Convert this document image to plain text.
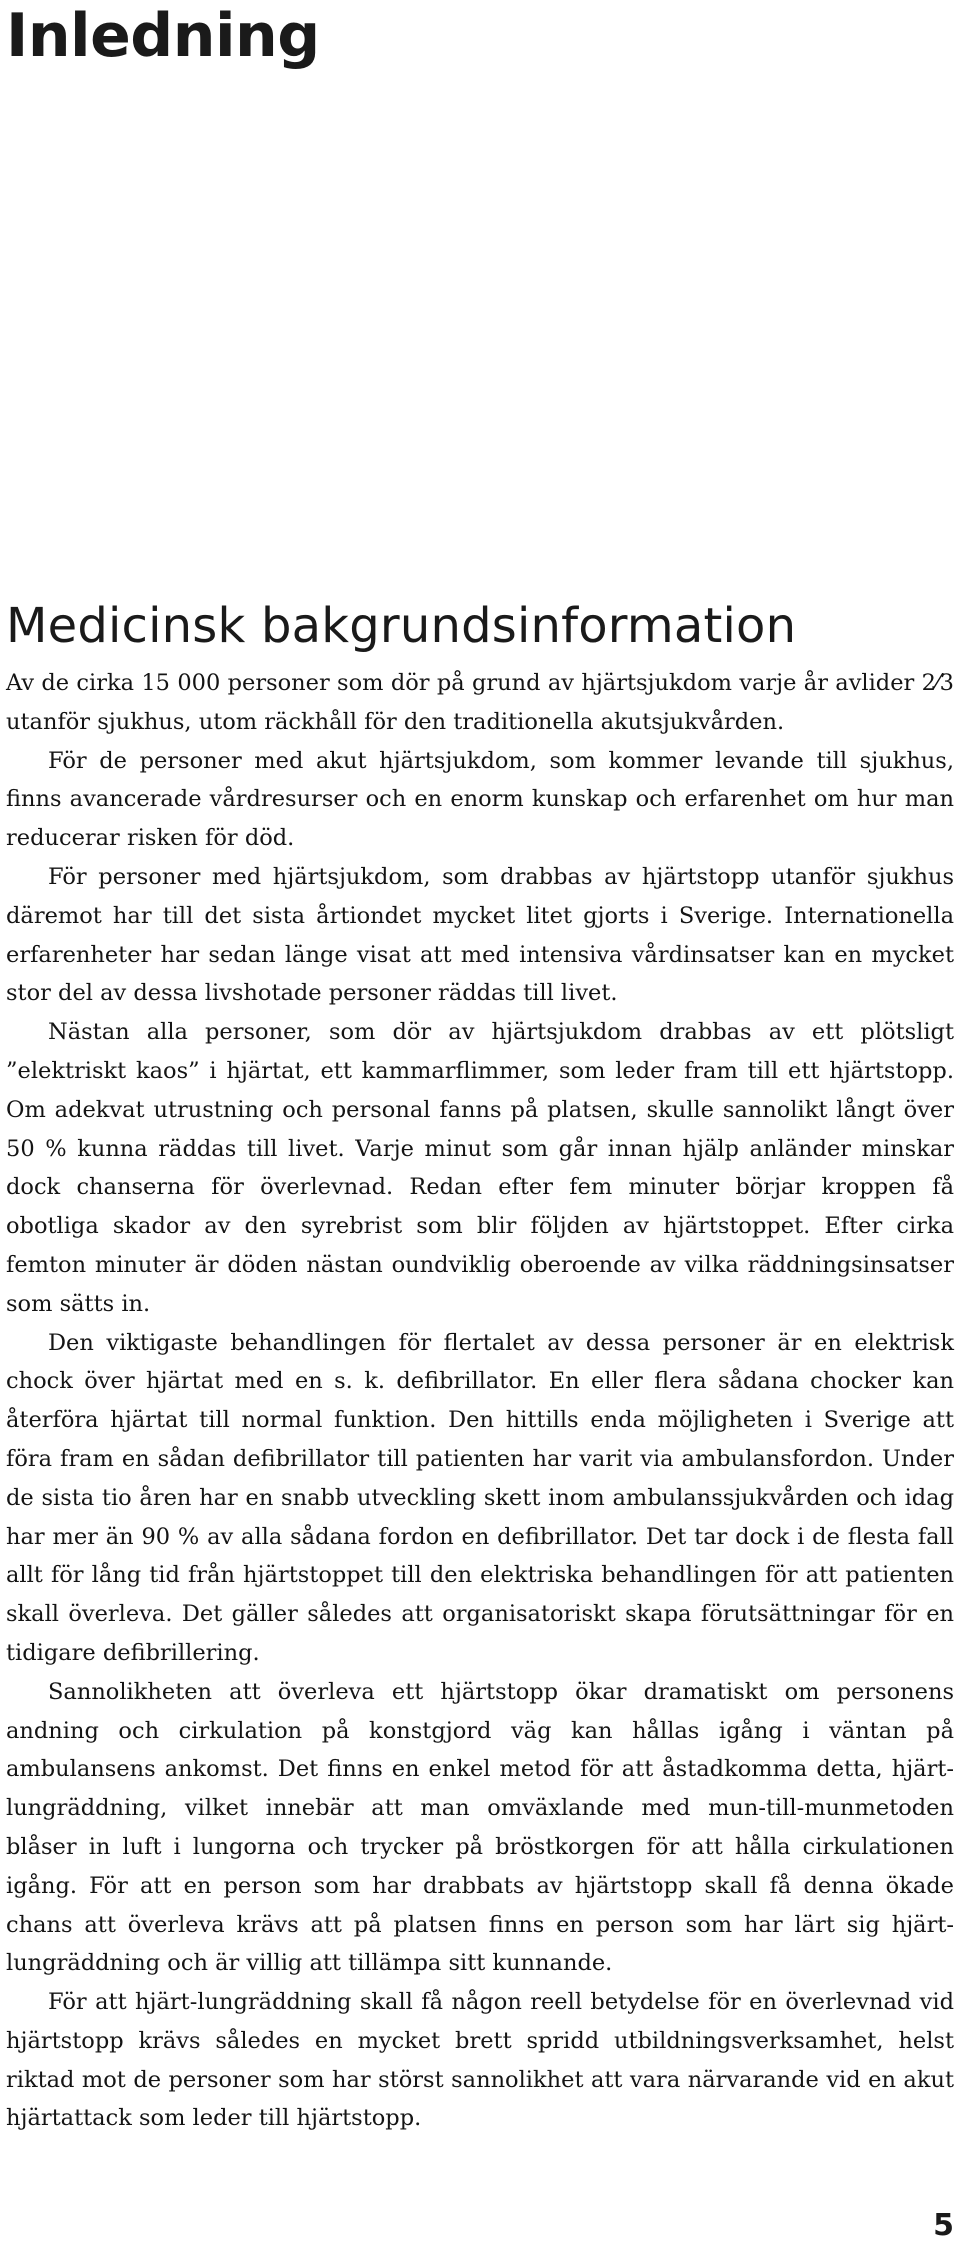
Inledning
Medicinsk bakgrundsinformation

Av de cirka 15 000 personer som dör på grund av hjärtsjukdom varje år avlider 2⁄3 utanför sjukhus, utom räckhåll för den traditionella akutsjukvården.

För de personer med akut hjärtsjukdom, som kommer levande till sjukhus, finns avancerade vårdresurser och en enorm kunskap och erfarenhet om hur man reducerar risken för död.

För personer med hjärtsjukdom, som drabbas av hjärtstopp utanför sjukhus däremot har till det sista årtiondet mycket litet gjorts i Sverige. Internationella erfarenheter har sedan länge visat att med intensiva vårdinsatser kan en mycket stor del av dessa livshotade personer räddas till livet.

Nästan alla personer, som dör av hjärtsjukdom drabbas av ett plötsligt ”elektriskt kaos” i hjärtat, ett kammarflimmer, som leder fram till ett hjärtstopp. Om adekvat utrustning och personal fanns på platsen, skulle sannolikt långt över 50 % kunna räddas till livet. Varje minut som går innan hjälp anländer minskar dock chanserna för överlevnad. Redan efter fem minuter börjar kroppen få obotliga skador av den syrebrist som blir följden av hjärtstoppet. Efter cirka femton minuter är döden nästan oundviklig oberoende av vilka räddningsinsatser som sätts in.

Den viktigaste behandlingen för flertalet av dessa personer är en elektrisk chock över hjärtat med en s. k. defibrillator. En eller flera sådana chocker kan återföra hjärtat till normal funktion. Den hittills enda möjligheten i Sverige att föra fram en sådan defibrillator till patienten har varit via ambulansfordon. Under de sista tio åren har en snabb utveckling skett inom ambulanssjukvården och idag har mer än 90 % av alla sådana fordon en defibrillator. Det tar dock i de flesta fall allt för lång tid från hjärtstoppet till den elektriska behandlingen för att patienten skall överleva. Det gäller således att organisatoriskt skapa förutsättningar för en tidigare defibrillering.

Sannolikheten att överleva ett hjärtstopp ökar dramatiskt om personens andning och cirkulation på konstgjord väg kan hållas igång i väntan på ambulansens ankomst. Det finns en enkel metod för att åstadkomma detta, hjärt-lungräddning, vilket innebär att man omväxlande med mun-till-munmetoden blåser in luft i lungorna och trycker på bröstkorgen för att hålla cirkulationen igång. För att en person som har drabbats av hjärtstopp skall få denna ökade chans att överleva krävs att på platsen finns en person som har lärt sig hjärt-lungräddning och är villig att tillämpa sitt kunnande.

För att hjärt-lungräddning skall få någon reell betydelse för en överlevnad vid hjärtstopp krävs således en mycket brett spridd utbildningsverksamhet, helst riktad mot de personer som har störst sannolikhet att vara närvarande vid en akut hjärtattack som leder till hjärtstopp.

5
